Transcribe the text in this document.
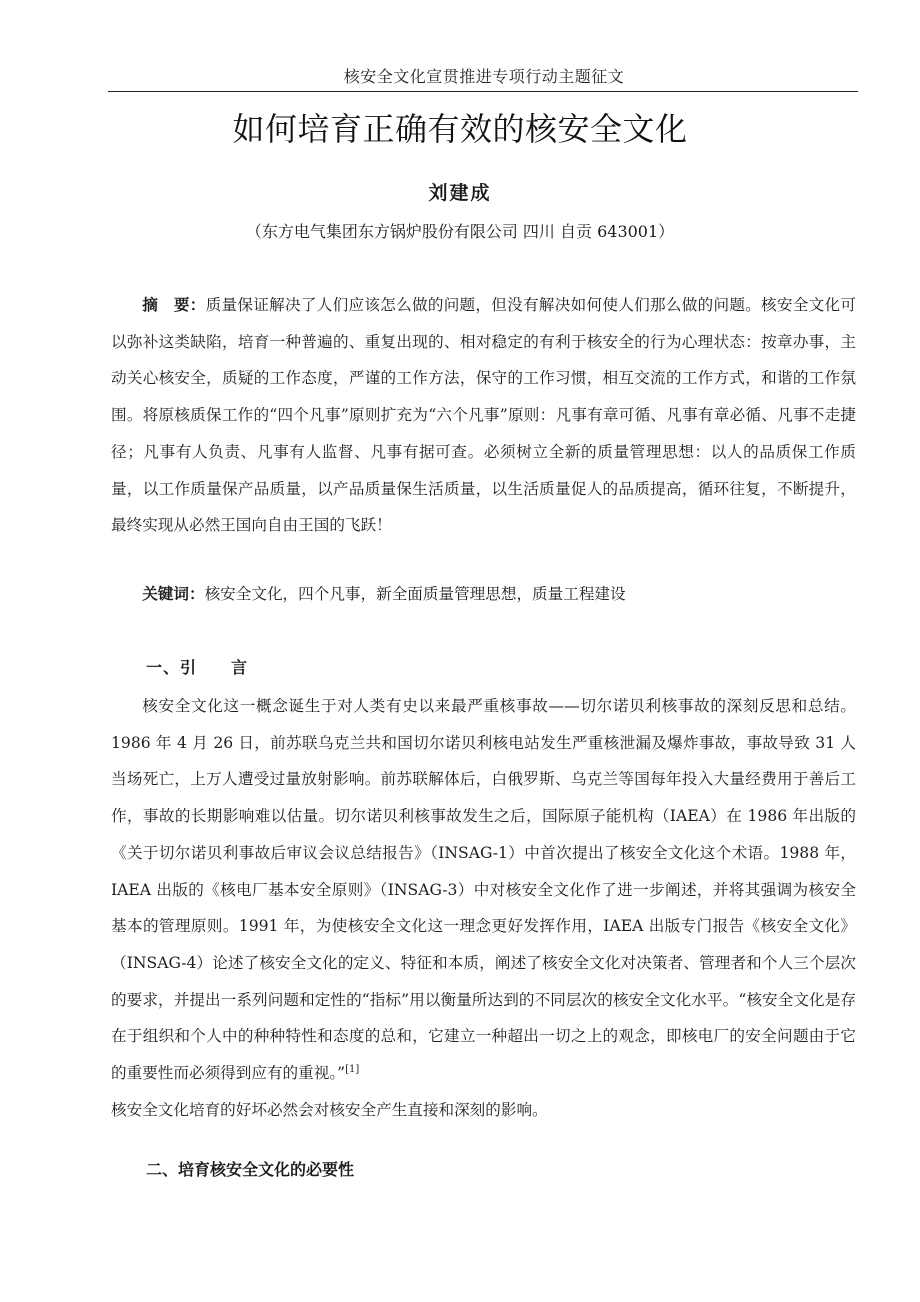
核安全文化宣贯推进专项行动主题征文
如何培育正确有效的核安全文化
刘建成
（东方电气集团东方锅炉股份有限公司 四川 自贡 643001）
摘　要：质量保证解决了人们应该怎么做的问题，但没有解决如何使人们那么做的问题。核安全文化可以弥补这类缺陷，培育一种普遍的、重复出现的、相对稳定的有利于核安全的行为心理状态：按章办事，主动关心核安全，质疑的工作态度，严谨的工作方法，保守的工作习惯，相互交流的工作方式，和谐的工作氛围。将原核质保工作的“四个凡事”原则扩充为“六个凡事”原则：凡事有章可循、凡事有章必循、凡事不走捷径；凡事有人负责、凡事有人监督、凡事有据可查。必须树立全新的质量管理思想：以人的品质保工作质量，以工作质量保产品质量，以产品质量保生活质量，以生活质量促人的品质提高，循环往复，不断提升，最终实现从必然王国向自由王国的飞跃！
关键词：核安全文化，四个凡事，新全面质量管理思想，质量工程建设
一、引　　言
核安全文化这一概念诞生于对人类有史以来最严重核事故——切尔诺贝利核事故的深刻反思和总结。1986 年 4 月 26 日，前苏联乌克兰共和国切尔诺贝利核电站发生严重核泄漏及爆炸事故，事故导致 31 人当场死亡，上万人遭受过量放射影响。前苏联解体后，白俄罗斯、乌克兰等国每年投入大量经费用于善后工作，事故的长期影响难以估量。切尔诺贝利核事故发生之后，国际原子能机构（IAEA）在 1986 年出版的《关于切尔诺贝利事故后审议会议总结报告》（INSAG-1）中首次提出了核安全文化这个术语。1988 年，IAEA 出版的《核电厂基本安全原则》（INSAG-3）中对核安全文化作了进一步阐述，并将其强调为核安全基本的管理原则。1991 年，为使核安全文化这一理念更好发挥作用，IAEA 出版专门报告《核安全文化》（INSAG-4）论述了核安全文化的定义、特征和本质，阐述了核安全文化对决策者、管理者和个人三个层次的要求，并提出一系列问题和定性的“指标”用以衡量所达到的不同层次的核安全文化水平。“核安全文化是存在于组织和个人中的种种特性和态度的总和，它建立一种超出一切之上的观念，即核电厂的安全问题由于它的重要性而必须得到应有的重视。”[1]
核安全文化培育的好坏必然会对核安全产生直接和深刻的影响。
二、培育核安全文化的必要性
